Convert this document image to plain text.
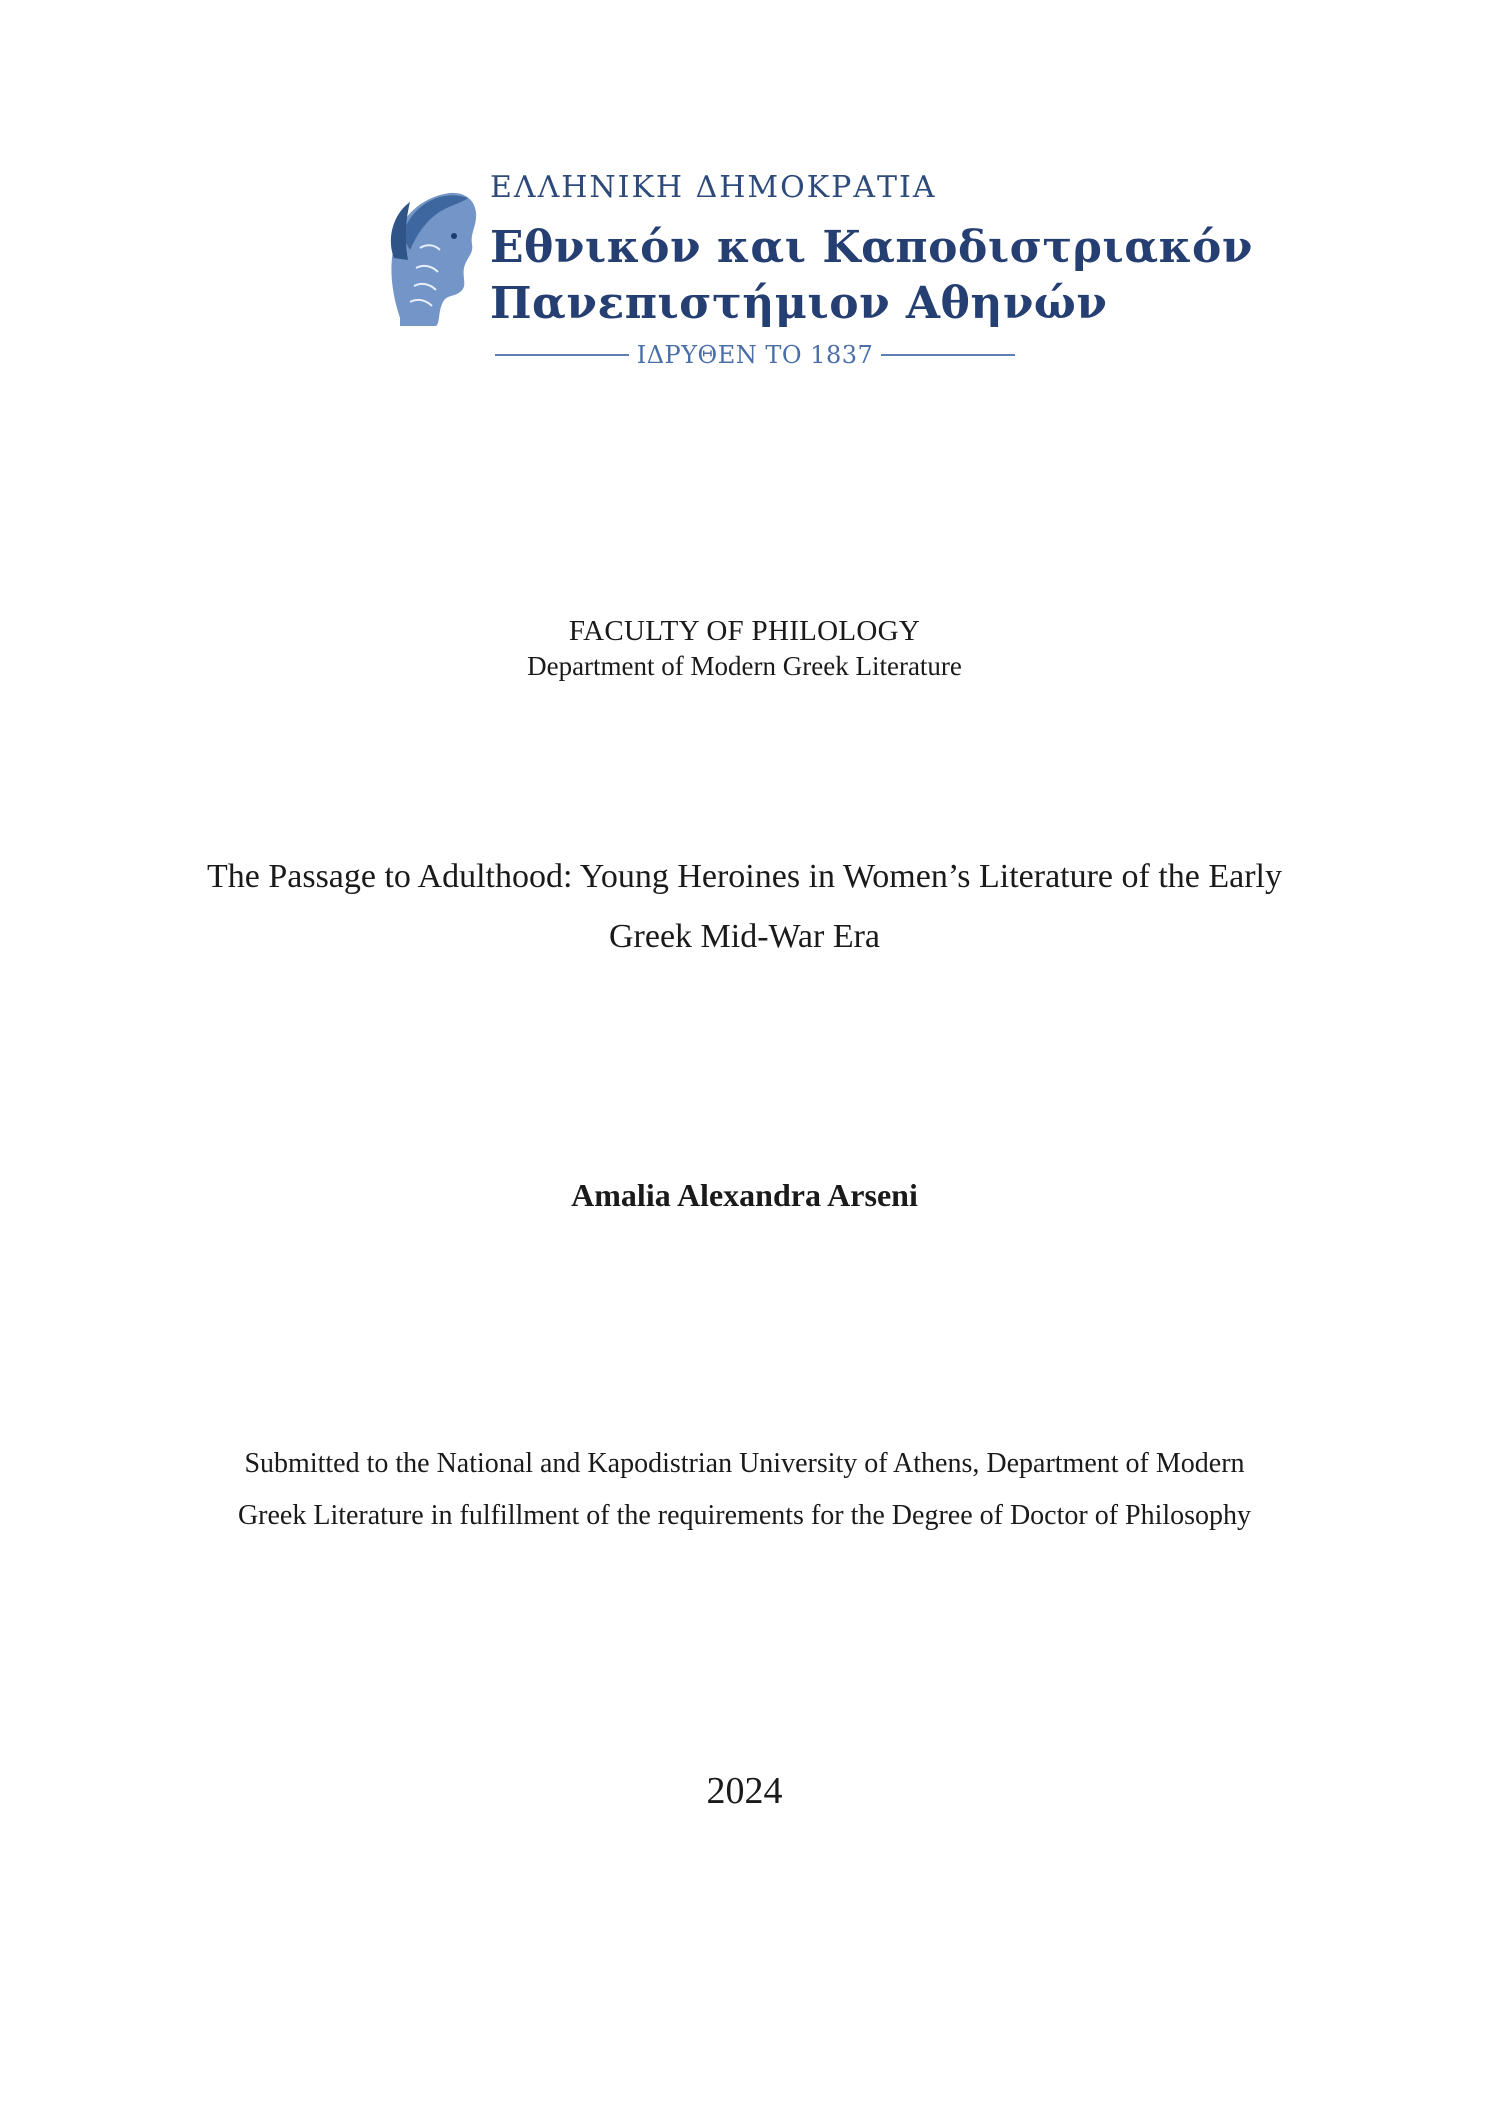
ΕΛΛΗΝΙΚΗ ΔΗΜΟΚΡΑΤΙΑ
Εθνικόν και Καποδιστριακόν
Πανεπιστήμιον Αθηνών
ΙΔΡΥΘΕΝ ΤΟ 1837
FACULTY OF PHILOLOGY
Department of Modern Greek Literature
The Passage to Adulthood: Young Heroines in Women’s Literature of the Early
Greek Mid-War Era
Amalia Alexandra Arseni
Submitted to the National and Kapodistrian University of Athens, Department of Modern
Greek Literature in fulfillment of the requirements for the Degree of Doctor of Philosophy
2024
